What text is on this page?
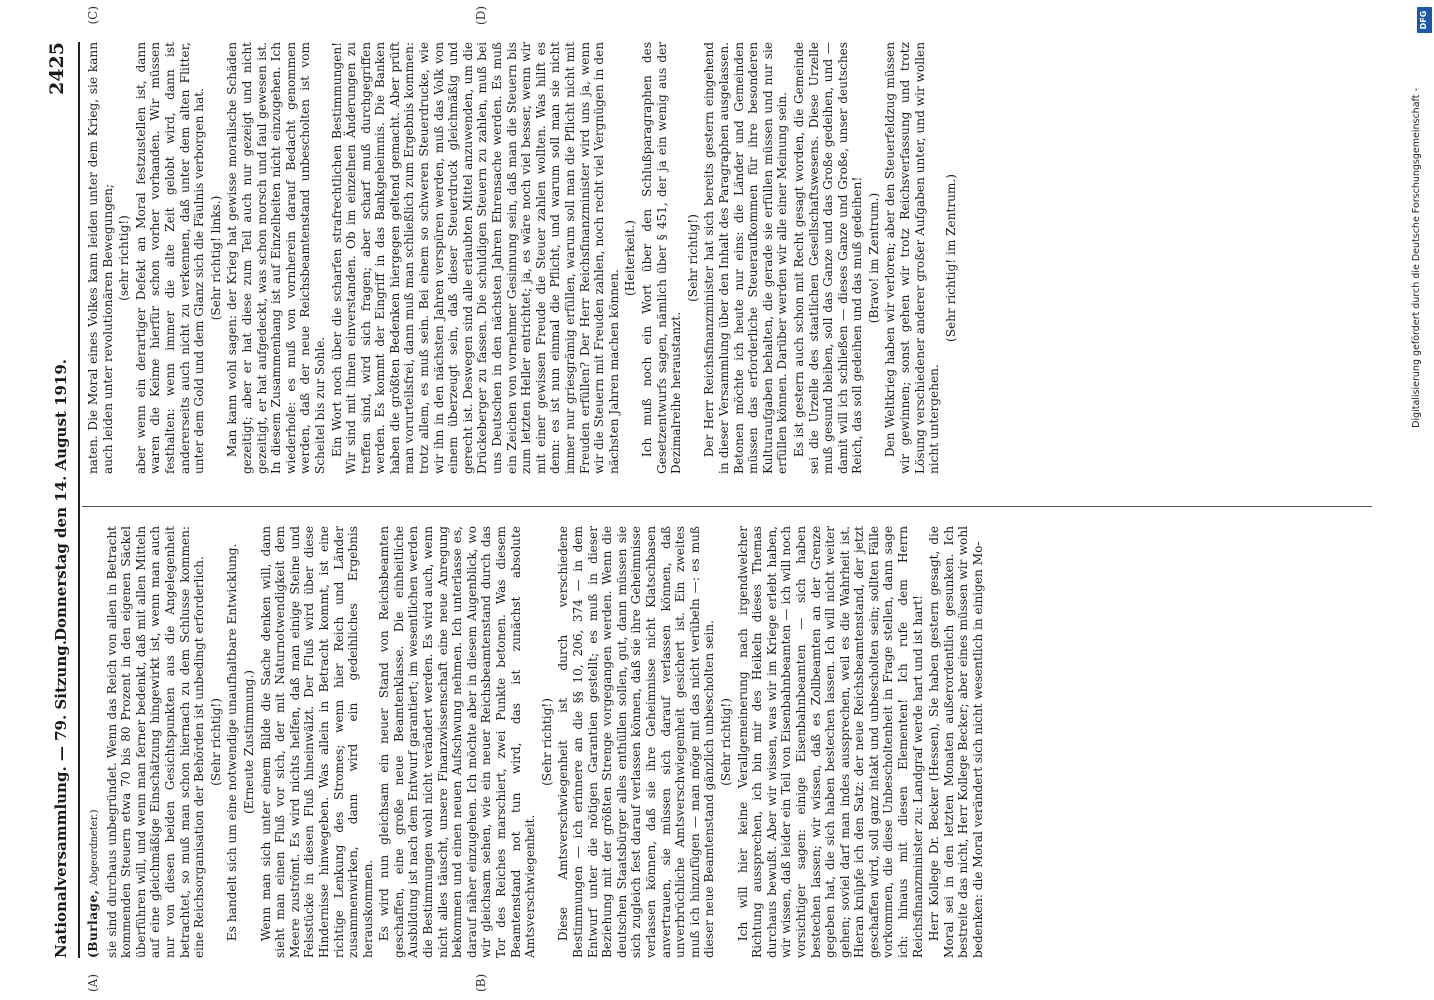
Nationalversammlung. — 79. Sitzung.
Donnerstag den 14. August 1919.
2425
(A)	(B)
(C)	(D)

(Burlage, Abgeordneter.) sie sind durchaus unbegründet. Wenn das Reich von allen in Betracht kommenden Steuern etwa 70 bis 80 Prozent in den eigenen Säckel überführen will, und wenn man ferner bedenkt, daß mit allen Mitteln auf eine gleichmäßige Einschätzung hingewirkt ist, wenn man auch nur von diesen beiden Gesichtspunkten aus die Angelegenheit betrachtet, so muß man schon hiernach zu dem Schlusse kommen: eine Reichsorganisation der Behörden ist unbedingt erforderlich. (Sehr richtig!) Es handelt sich um eine notwendige unaufhaltbare Entwicklung. (Erneute Zustimmung.) Wenn man sich unter einem Bilde die Sache denken will, dann sieht man einen Fluß vor sich, der mit Naturnotwendigkeit dem Meere zuströmt. Es wird nichts helfen, daß man einige Steine und Felsstücke in diesen Fluß hineinwälzt. Der Fluß wird über diese Hindernisse hinwegeben. Was allein in Betracht kommt, ist eine richtige Lenkung des Stromes; wenn hier Reich und Länder zusammenwirken, dann wird ein gedeihliches Ergebnis herauskommen. Es wird nun gleichsam ein neuer Stand von Reichsbeamten geschaffen, eine große neue Beamtenklasse. Die einheitliche Ausbildung ist nach dem Entwurf garantiert; im wesentlichen werden die Bestimmungen wohl nicht verändert werden. Es wird auch, wenn nicht alles täuscht, unsere Finanzwissenschaft eine neue Anregung bekommen und einen neuen Aufschwung nehmen. Ich unterlasse es, darauf näher einzugehen. Ich möchte aber in diesem Augenblick, wo wir gleichsam sehen, wie ein neuer Reichsbeamtenstand durch das Tor des Reiches marschiert, zwei Punkte betonen. Was diesem Beamtenstand not tun wird, das ist zunächst absolute Amtsverschwiegenheit.

(Sehr richtig!) Diese Amtsverschwiegenheit ist durch verschiedene Bestimmungen — ich erinnere an die §§ 10, 206, 374 — in dem Entwurf unter die nötigen Garantien gestellt; es muß in dieser Beziehung mit der größten Strenge vorgegangen werden. Wenn die deutschen Staatsbürger alles enthüllen sollen, gut, dann müssen sie sich zugleich fest darauf verlassen können, daß sie ihre Geheimnisse verlassen können, daß sie ihre Geheimnisse nicht Klatschbasen anvertrauen, sie müssen sich darauf verlassen können, daß unverbrüchliche Amtsverschwiegenheit gesichert ist. Ein zweites muß ich hinzufügen — man möge mit das nicht verübeln —: es muß dieser neue Beamtenstand gänzlich unbescholten sein. (Sehr richtig!) Ich will hier keine Verallgemeinerung nach irgendwelcher Richtung aussprechen, ich bin mir des Heikeln dieses Themas durchaus bewußt. Aber wir wissen, was wir im Kriege erlebt haben, wir wissen, daß leider ein Teil von Eisenbahnbeamten — ich will noch vorsichtiger sagen: einige Eisenbahnbeamten — sich haben bestechen lassen; wir wissen, daß es Zollbeamten an der Grenze gegeben hat, die sich haben bestechen lassen. Ich will nicht weiter gehen; soviel darf man indes aussprechen, weil es die Wahrheit ist. Hieran knüpfe ich den Satz: der neue Reichsbeamtenstand, der jetzt geschaffen wird, soll ganz intakt und unbescholten sein; sollten Fälle vorkommen, die diese Unbescholtenheit in Frage stellen, dann sage ich: hinaus mit diesen Elementen! Ich rufe dem Herrn Reichsfinanzminister zu: Landgraf werde hart und ist hart! Herr Kollege Dr. Becker (Hessen), Sie haben gestern gesagt, die Moral sei in den letzten Monaten außerordentlich gesunken. Ich bestreite das nicht, Herr Kollege Becker; aber eines müssen wir wohl bedenken: die Moral verändert sich nicht wesentlich in einigen Mo-

naten. Die Moral eines Volkes kann leiden unter dem Krieg, sie kann auch leiden unter revolutionären Bewegungen; (sehr richtig!) aber wenn ein derartiger Defekt an Moral festzustellen ist, dann waren die Keime hierfür schon vorher vorhanden. Wir müssen festhalten: wenn immer die alte Zeit gelobt wird, dann ist andererseits auch nicht zu verkennen, daß unter dem alten Flitter, unter dem Gold und dem Glanz sich die Fäulnis verborgen hat. (Sehr richtig! links.) Man kann wohl sagen: der Krieg hat gewisse moralische Schäden gezeitigt; aber er hat diese zum Teil auch nur gezeigt und nicht gezeitigt, er hat aufgedeckt, was schon morsch und faul gewesen ist. In diesem Zusammenhang ist auf Einzelheiten nicht einzugehen. Ich wiederhole: es muß von vornherein darauf Bedacht genommen werden, daß der neue Reichsbeamtenstand unbescholten ist vom Scheitel bis zur Sohle. Ein Wort noch über die scharfen strafrechtlichen Bestimmungen! Wir sind mit ihnen einverstanden. Ob im einzelnen Änderungen zu treffen sind, wird sich fragen; aber scharf muß durchgegriffen werden. Es kommt der Eingriff in das Bankgeheimnis. Die Banken haben die größten Bedenken hiergegen geltend gemacht. Aber prüft man vorurteilsfrei, dann muß man schließlich zum Ergebnis kommen: trotz allem, es muß sein. Bei einem so schweren Steuerdrucke, wie wir ihn in den nächsten Jahren verspüren werden, muß das Volk von einem überzeugt sein, daß dieser Steuerdruck gleichmäßig und gerecht ist. Deswegen sind alle erlaubten Mittel anzuwenden, um die Drückeberger zu fassen. Die schuldigen Steuern zu zahlen, muß bei uns Deutschen in den nächsten Jahren Ehrensache werden. Es muß ein Zeichen von vornehmer Gesinnung sein, daß man die Steuern bis zum letzten Heller entrichtet; ja, es wäre noch viel besser, wenn wir mit einer gewissen Freude die Steuer zahlen wollten. Was hilft es denn: es ist nun einmal die Pflicht, und warum soll man sie nicht immer nur griesgrämig erfüllen, warum soll man die Pflicht nicht mit Freuden erfüllen? Der Herr Reichsfinanzminister wird uns ja, wenn wir die Steuern mit Freuden zahlen, noch recht viel Vergnügen in den nächsten Jahren machen können.

(Heiterkeit.) Ich muß noch ein Wort über den Schlußparagraphen des Gesetzentwurfs sagen, nämlich über § 451, der ja ein wenig aus der Dezimalreihe heraustanzt.

(Sehr richtig!) Der Herr Reichsfinanzminister hat sich bereits gestern eingehend in dieser Versammlung über den Inhalt des Paragraphen ausgelassen. Betonen möchte ich heute nur eins: die Länder und Gemeinden müssen das erforderliche Steueraufkommen für ihre besonderen Kulturaufgaben behalten, die gerade sie erfüllen müssen und nur sie erfüllen können. Darüber werden wir alle einer Meinung sein. Es ist gestern auch schon mit Recht gesagt worden, die Gemeinde sei die Urzelle des staatlichen Gesellschaftswesens. Diese Urzelle muß gesund bleiben, soll das Ganze und das Große gedeihen, und — damit will ich schließen — dieses Ganze und Große, unser deutsches Reich, das soll gedeihen und das muß gedeihen! (Bravo! im Zentrum.) Den Weltkrieg haben wir verloren; aber den Steuerfeldzug müssen wir gewinnen; sonst gehen wir trotz Reichsverfassung und trotz Lösung verschiedener anderer großer Aufgaben unter, und wir wollen nicht untergehen.

(Sehr richtig! im Zentrum.)

DFG
Digitalisierung gefördert durch die Deutsche Forschungsgemeinschaft -
